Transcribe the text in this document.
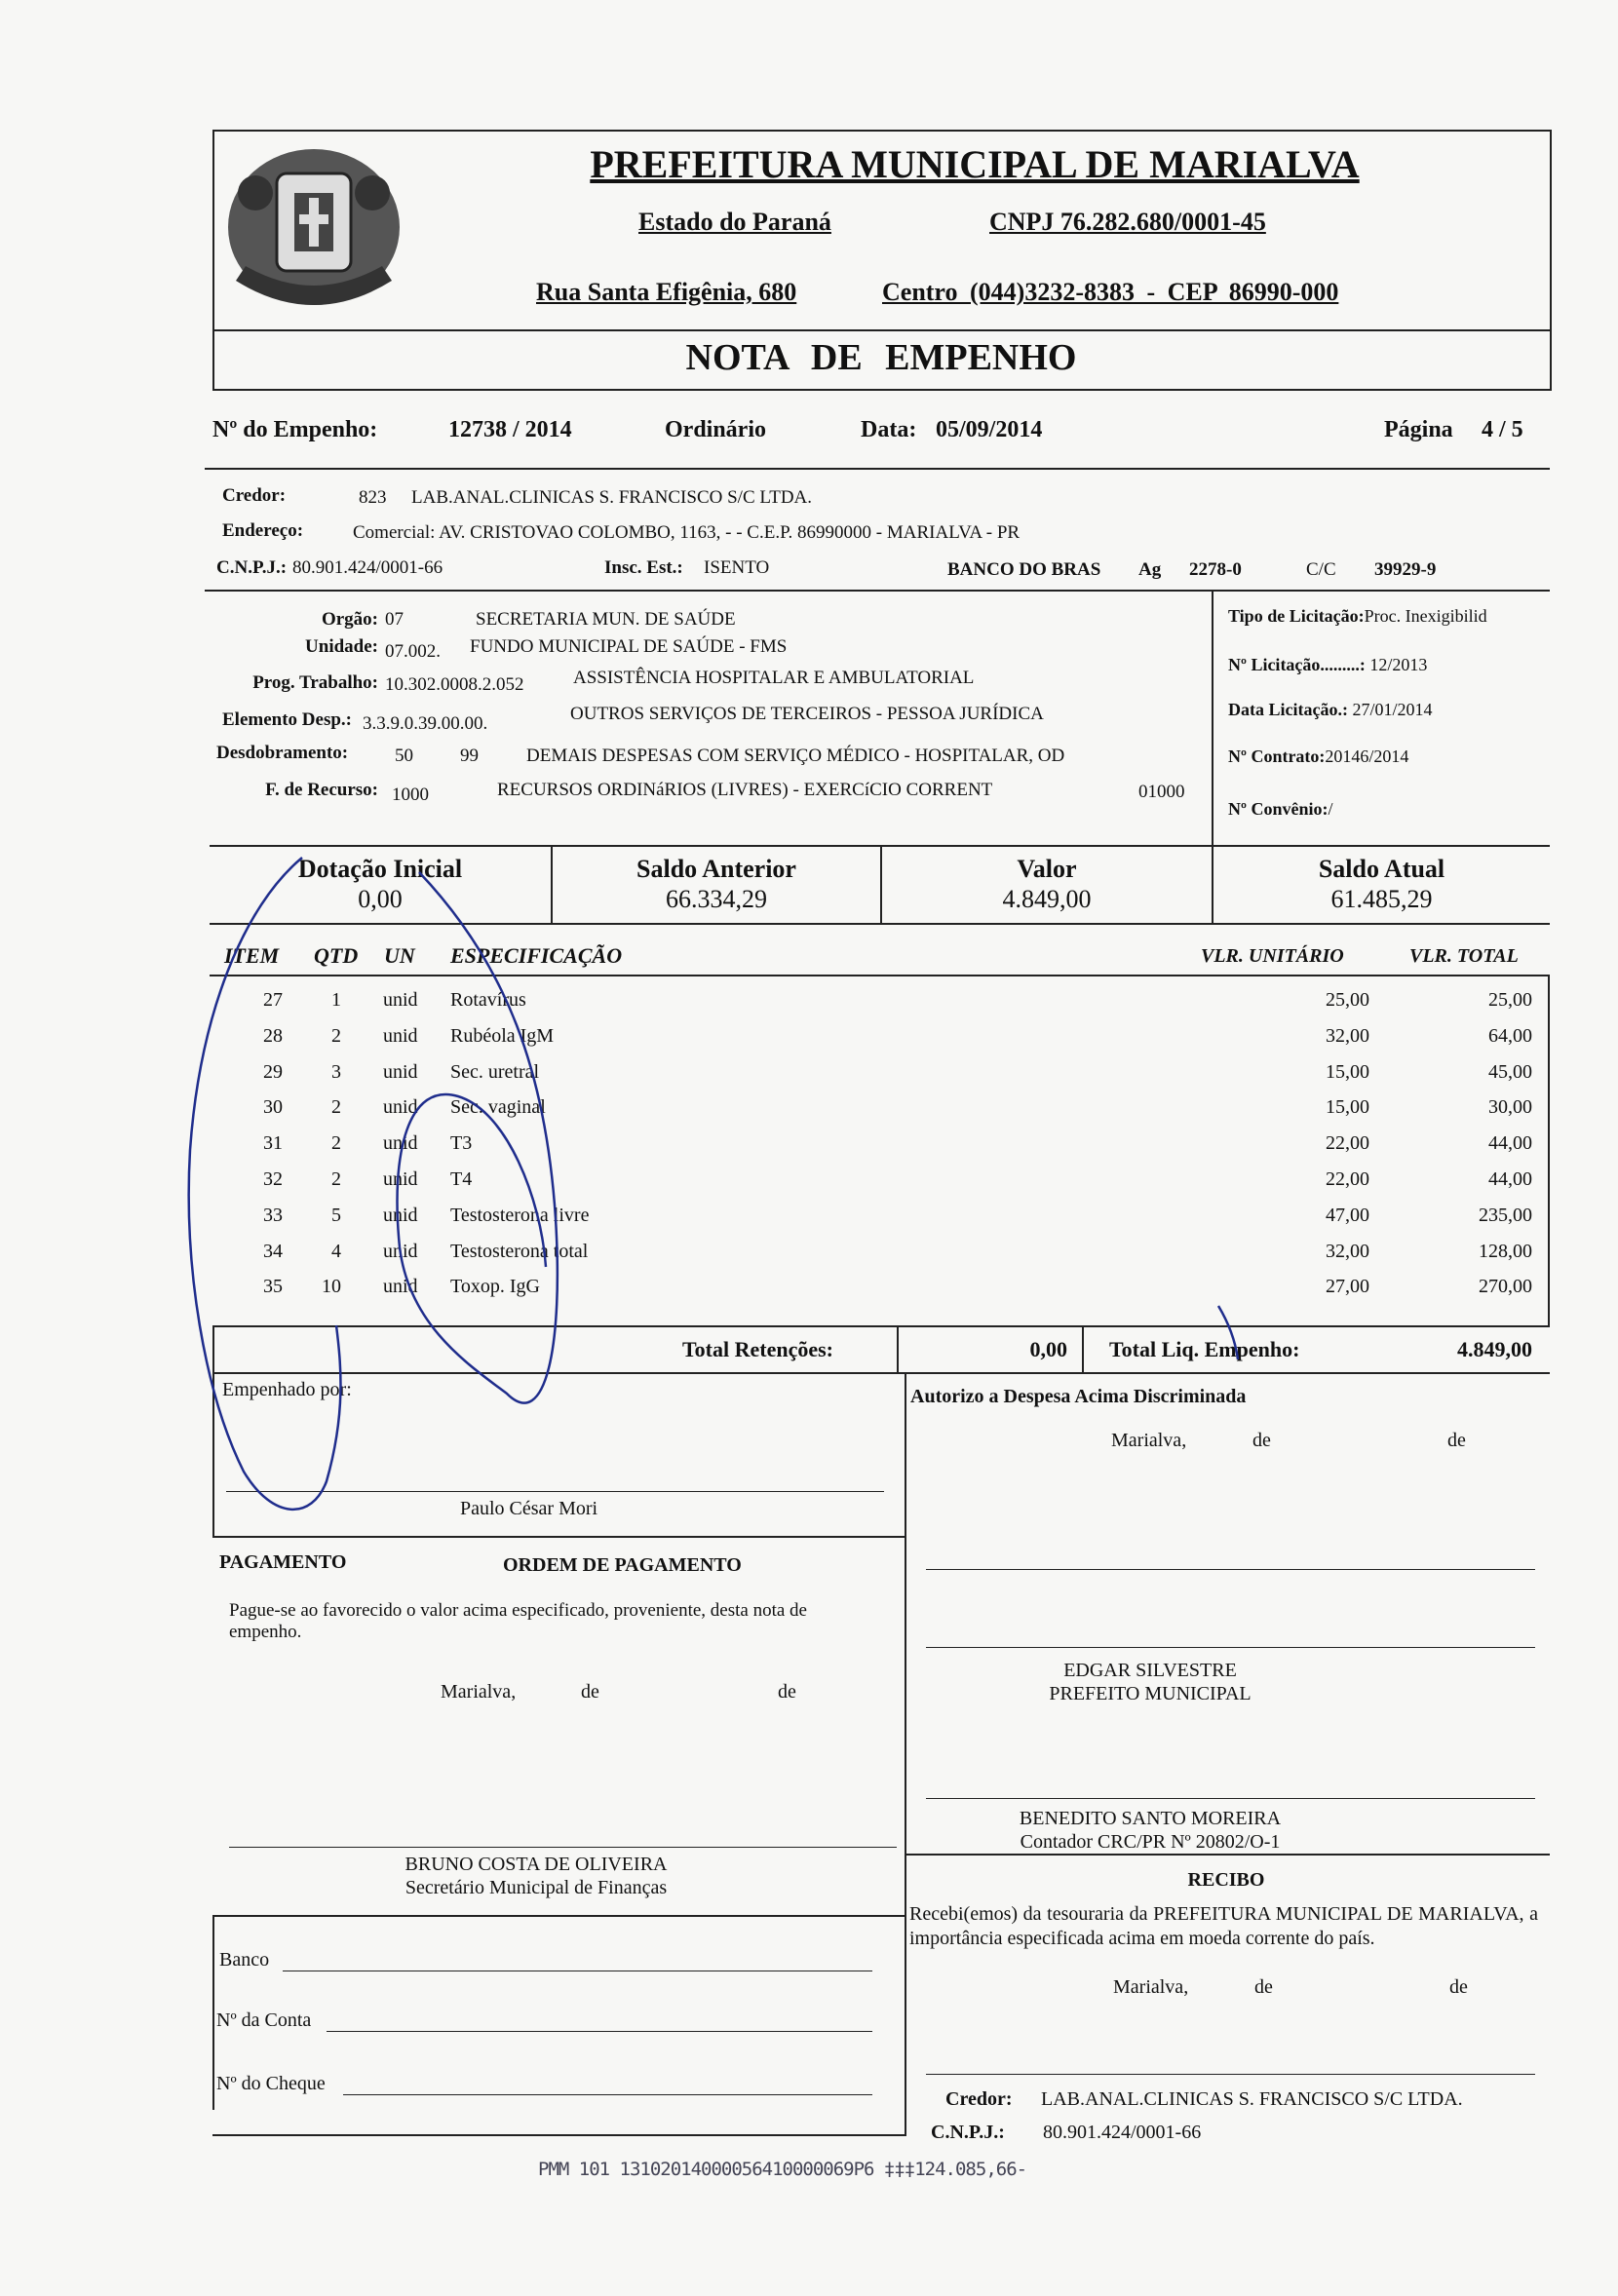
PREFEITURA MUNICIPAL DE MARIALVA
Estado do Paraná	CNPJ 76.282.680/0001-45
Rua Santa Efigênia, 680	Centro (044)3232-8383 - CEP 86990-000
NOTA DE EMPENHO
Nº do Empenho:	12738 / 2014	Ordinário	Data: 05/09/2014	Página 4 / 5
Credor:	823 LAB.ANAL.CLINICAS S. FRANCISCO S/C LTDA.
Endereço:	Comercial: AV. CRISTOVAO COLOMBO, 1163, - - C.E.P. 86990000 - MARIALVA - PR
C.N.P.J.: 80.901.424/0001-66	Insc. Est.: ISENTO	BANCO DO BRAS Ag 2278-0	C/C 39929-9
Orgão: 07	SECRETARIA MUN. DE SAÚDE
Unidade: 07.002. FUNDO MUNICIPAL DE SAÚDE - FMS
Prog. Trabalho: 10.302.0008.2.052	ASSISTÊNCIA HOSPITALAR E AMBULATORIAL
Elemento Desp.: 3.3.9.0.39.00.00.	OUTROS SERVIÇOS DE TERCEIROS - PESSOA JURÍDICA
Desdobramento:	50	99	DEMAIS DESPESAS COM SERVIÇO MÉDICO - HOSPITALAR, OD
F. de Recurso: 1000	RECURSOS ORDINáRIOS (LIVRES) - EXERCíCIO CORRENT	01000
Tipo de Licitação:Proc. Inexigibilid
Nº Licitação.........: 12/2013
Data Licitação.: 27/01/2014
Nº Contrato:20146/2014
Nº Convênio:/
Dotação Inicial
0,00
Saldo Anterior
66.334,29
Valor
4.849,00
Saldo Atual
61.485,29
ITEM QTD UN ESPECIFICAÇÃO	VLR. UNITÁRIO	VLR. TOTAL
27	1 unid	Rotavírus	25,00	25,00
28	2 unid	Rubéola IgM	32,00	64,00
29	3 unid	Sec. uretral	15,00	45,00
30	2 unid	Sec. vaginal	15,00	30,00
31	2 unid	T3	22,00	44,00
32	2 unid	T4	22,00	44,00
33	5 unid	Testosterona livre	47,00	235,00
34	4 unid	Testosterona total	32,00	128,00
35	10 unid	Toxop. IgG	27,00	270,00
Total Retenções:	0,00 Total Liq. Empenho:	4.849,00
Empenhado por:
Paulo César Mori
Autorizo a Despesa Acima Discriminada
Marialva,	de	de
PAGAMENTO	ORDEM DE PAGAMENTO
Pague-se ao favorecido o valor acima especificado, proveniente, desta nota de empenho.
Marialva,	de	de
EDGAR SILVESTRE
PREFEITO MUNICIPAL
BENEDITO SANTO MOREIRA
Contador CRC/PR Nº 20802/O-1
BRUNO COSTA DE OLIVEIRA
Secretário Municipal de Finanças	RECIBO
Recebi(emos) da tesouraria da PREFEITURA MUNICIPAL DE MARIALVA, a importância especificada acima em moeda corrente do país.
Marialva,	de	de
Banco
Nº da Conta
Nº do Cheque
Credor: LAB.ANAL.CLINICAS S. FRANCISCO S/C LTDA.
C.N.P.J.: 80.901.424/0001-66
PMM 101 13102014000056410000069P6 ‡‡‡124.085,66-
